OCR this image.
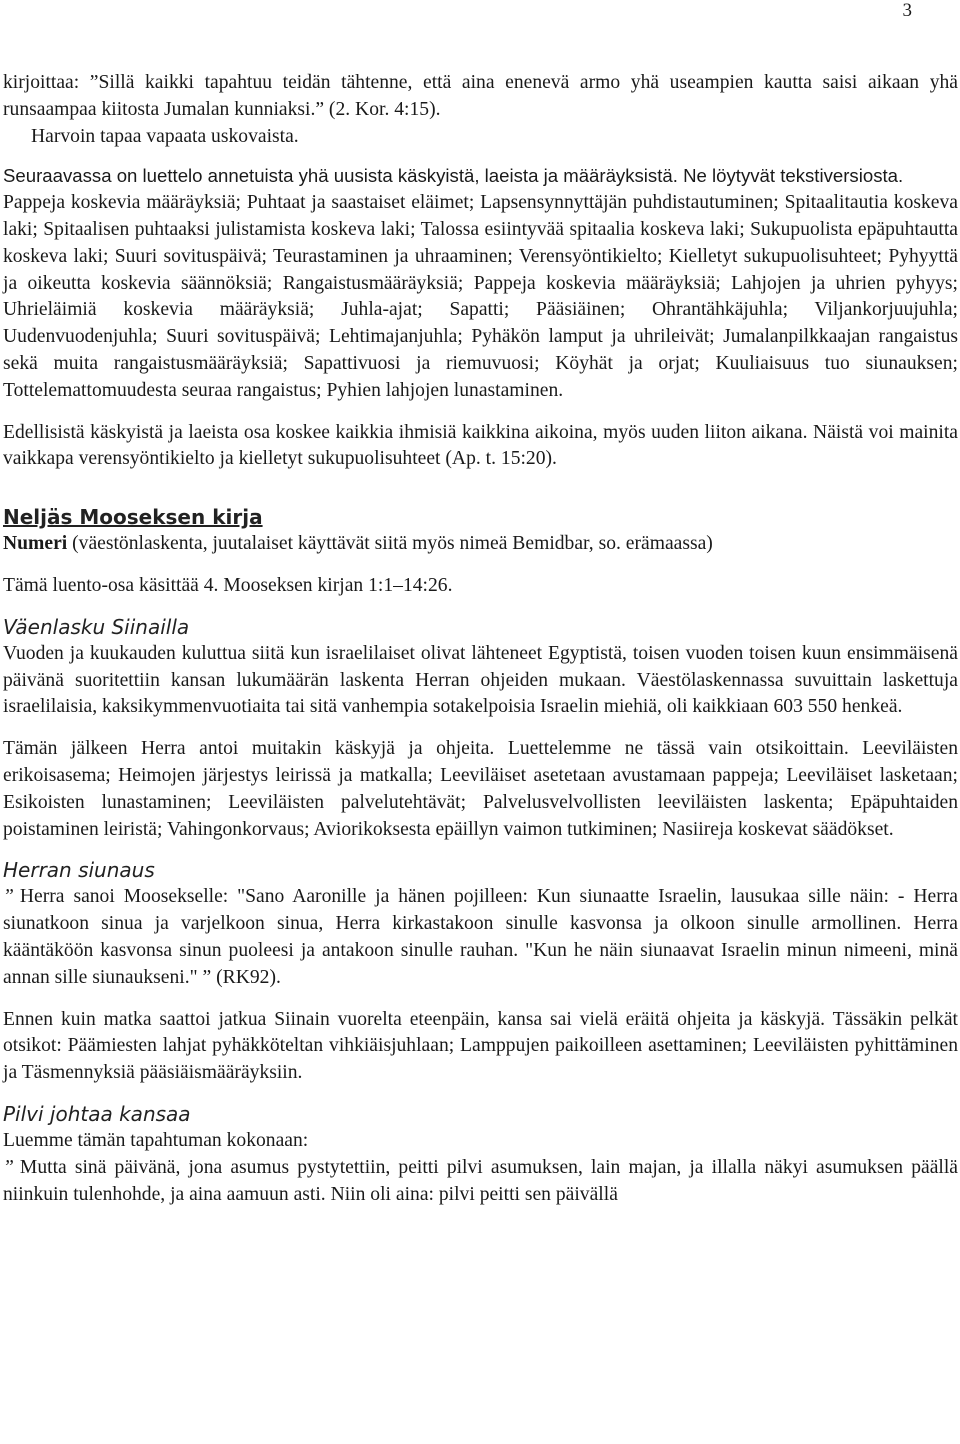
3

kirjoittaa: ”Sillä kaikki tapahtuu teidän tähtenne, että aina enenevä armo yhä useampien kautta saisi aikaan yhä runsaampaa kiitosta Jumalan kunniaksi.” (2. Kor. 4:15).

Harvoin tapaa vapaata uskovaista.

Seuraavassa on luettelo annetuista yhä uusista käskyistä, laeista ja määräyksistä. Ne löytyvät tekstiversiosta.

Pappeja koskevia määräyksiä; Puhtaat ja saastaiset eläimet; Lapsensynnyttäjän puhdistautuminen; Spitaalitautia koskeva laki; Spitaalisen puhtaaksi julistamista koskeva laki; Talossa esiintyvää spitaalia koskeva laki; Sukupuolista epäpuhtautta koskeva laki; Suuri sovituspäivä; Teurastaminen ja uhraaminen; Verensyöntikielto; Kielletyt sukupuolisuhteet; Pyhyyttä ja oikeutta koskevia säännöksiä; Rangaistusmääräyksiä; Pappeja koskevia määräyksiä; Lahjojen ja uhrien pyhyys; Uhrieläimiä koskevia määräyksiä; Juhla-ajat; Sapatti; Pääsiäinen; Ohrantähkäjuhla; Viljankorjuujuhla; Uudenvuodenjuhla; Suuri sovituspäivä; Lehtimajanjuhla; Pyhäkön lamput ja uhrileivät; Jumalanpilkkaajan rangaistus sekä muita rangaistusmääräyksiä; Sapattivuosi ja riemuvuosi; Köyhät ja orjat; Kuuliaisuus tuo siunauksen; Tottelemattomuudesta seuraa rangaistus; Pyhien lahjojen lunastaminen.

Edellisistä käskyistä ja laeista osa koskee kaikkia ihmisiä kaikkina aikoina, myös uuden liiton aikana. Näistä voi mainita vaikkapa verensyöntikielto ja kielletyt sukupuolisuhteet (Ap. t. 15:20).

Neljäs Mooseksen kirja

Numeri (väestönlaskenta, juutalaiset käyttävät siitä myös nimeä Bemidbar, so. erämaassa)

Tämä luento-osa käsittää 4. Mooseksen kirjan 1:1–14:26.

Väenlasku Siinailla

Vuoden ja kuukauden kuluttua siitä kun israelilaiset olivat lähteneet Egyptistä, toisen vuoden toisen kuun ensimmäisenä päivänä suoritettiin kansan lukumäärän laskenta Herran ohjeiden mukaan. Väestölaskennassa suvuittain laskettuja israelilaisia, kaksikymmenvuotiaita tai sitä vanhempia sotakelpoisia Israelin miehiä, oli kaikkiaan 603 550 henkeä.

Tämän jälkeen Herra antoi muitakin käskyjä ja ohjeita. Luettelemme ne tässä vain otsikoittain. Leeviläisten erikoisasema; Heimojen järjestys leirissä ja matkalla; Leeviläiset asetetaan avustamaan pappeja; Leeviläiset lasketaan; Esikoisten lunastaminen; Leeviläisten palvelutehtävät; Palvelusvelvollisten leeviläisten laskenta; Epäpuhtaiden poistaminen leiristä; Vahingonkorvaus; Aviorikoksesta epäillyn vaimon tutkiminen; Nasiireja koskevat säädökset.

Herran siunaus

” Herra sanoi Moosekselle: "Sano Aaronille ja hänen pojilleen: Kun siunaatte Israelin, lausukaa sille näin: - Herra siunatkoon sinua ja varjelkoon sinua, Herra kirkastakoon sinulle kasvonsa ja olkoon sinulle armollinen. Herra kääntäköön kasvonsa sinun puoleesi ja antakoon sinulle rauhan. "Kun he näin siunaavat Israelin minun nimeeni, minä annan sille siunaukseni." ” (RK92).

Ennen kuin matka saattoi jatkua Siinain vuorelta eteenpäin, kansa sai vielä eräitä ohjeita ja käskyjä. Tässäkin pelkät otsikot: Päämiesten lahjat pyhäkköteltan vihkiäisjuhlaan; Lamppujen paikoilleen asettaminen; Leeviläisten pyhittäminen ja Täsmennyksiä pääsiäismääräyksiin.

Pilvi johtaa kansaa

Luemme tämän tapahtuman kokonaan:

” Mutta sinä päivänä, jona asumus pystytettiin, peitti pilvi asumuksen, lain majan, ja illalla näkyi asumuksen päällä niinkuin tulenhohde, ja aina aamuun asti. Niin oli aina: pilvi peitti sen päivällä
